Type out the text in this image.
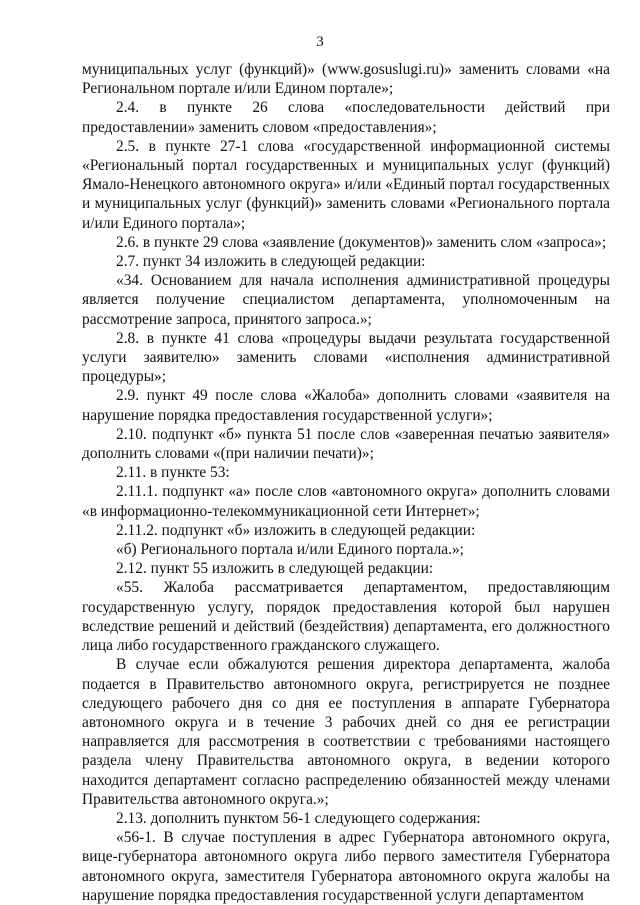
3

муниципальных услуг (функций)» (www.gosuslugi.ru)» заменить словами «на Региональном портале и/или Едином портале»;

2.4. в пункте 26 слова «последовательности действий при предоставлении» заменить словом «предоставления»;

2.5. в пункте 27-1 слова «государственной информационной системы «Региональный портал государственных и муниципальных услуг (функций) Ямало-Ненецкого автономного округа» и/или «Единый портал государственных и муниципальных услуг (функций)» заменить словами «Регионального портала и/или Единого портала»;

2.6. в пункте 29 слова «заявление (документов)» заменить слом «запроса»;

2.7. пункт 34 изложить в следующей редакции:

«34. Основанием для начала исполнения административной процедуры является получение специалистом департамента, уполномоченным на рассмотрение запроса, принятого запроса.»;

2.8. в пункте 41 слова «процедуры выдачи результата государственной услуги заявителю» заменить словами «исполнения административной процедуры»;

2.9. пункт 49 после слова «Жалоба» дополнить словами «заявителя на нарушение порядка предоставления государственной услуги»;

2.10. подпункт «б» пункта 51 после слов «заверенная печатью заявителя» дополнить словами «(при наличии печати)»;

2.11. в пункте 53:

2.11.1. подпункт «а» после слов «автономного округа» дополнить словами «в информационно-телекоммуникационной сети Интернет»;

2.11.2. подпункт «б» изложить в следующей редакции:

«б) Регионального портала и/или Единого портала.»;

2.12. пункт 55 изложить в следующей редакции:

«55. Жалоба рассматривается департаментом, предоставляющим государственную услугу, порядок предоставления которой был нарушен вследствие решений и действий (бездействия) департамента, его должностного лица либо государственного гражданского служащего.

В случае если обжалуются решения директора департамента, жалоба подается в Правительство автономного округа, регистрируется не позднее следующего рабочего дня со дня ее поступления в аппарате Губернатора автономного округа и в течение 3 рабочих дней со дня ее регистрации направляется для рассмотрения в соответствии с требованиями настоящего раздела члену Правительства автономного округа, в ведении которого находится департамент согласно распределению обязанностей между членами Правительства автономного округа.»;

2.13. дополнить пунктом 56-1 следующего содержания:

«56-1. В случае поступления в адрес Губернатора автономного округа, вице-губернатора автономного округа либо первого заместителя Губернатора автономного округа, заместителя Губернатора автономного округа жалобы на нарушение порядка предоставления государственной услуги департаментом
